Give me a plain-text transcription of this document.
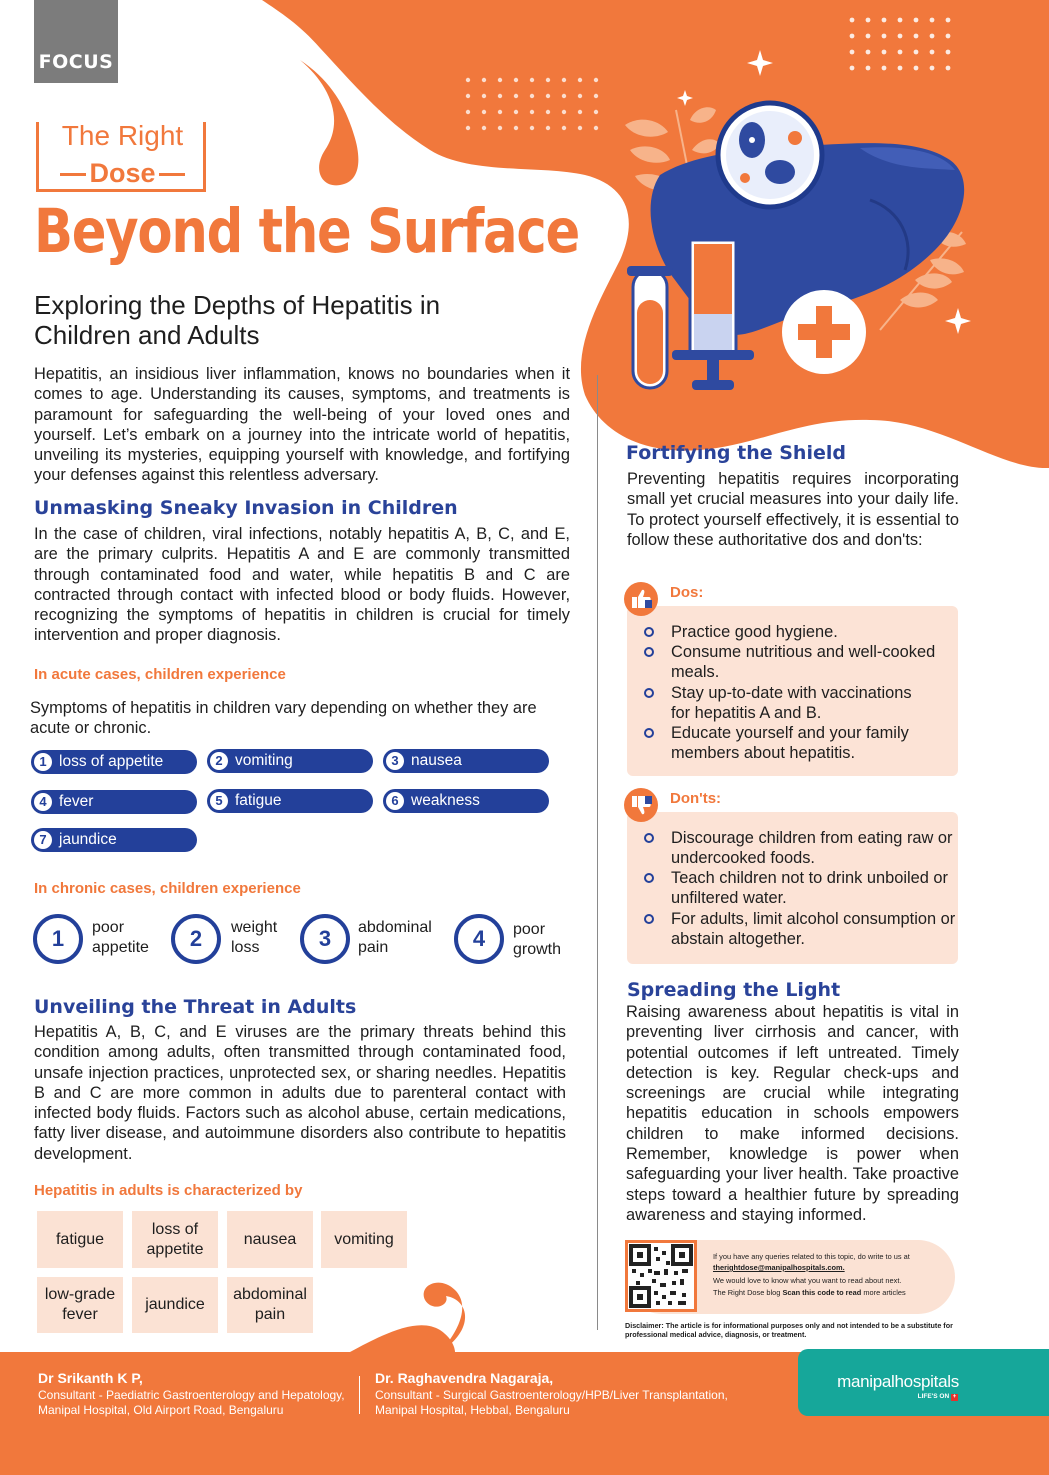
FOCUS
The Right
Dose
Beyond the Surface
Exploring the Depths of Hepatitis in Children and Adults
Hepatitis, an insidious liver inflammation, knows no boundaries when it comes to age. Understanding its causes, symptoms, and treatments is paramount for safeguarding the well-being of your loved ones and yourself. Let’s embark on a journey into the intricate world of hepatitis, unveiling its mysteries, equipping yourself with knowledge, and fortifying your defenses against this relentless adversary.
Unmasking Sneaky Invasion in Children
In the case of children, viral infections, notably hepatitis A, B, C, and E, are the primary culprits. Hepatitis A and E are commonly transmitted through contaminated food and water, while hepatitis B and C are contracted through contact with infected blood or body fluids. However, recognizing the symptoms of hepatitis in children is crucial for timely intervention and proper diagnosis.
In acute cases, children experience
Symptoms of hepatitis in children vary depending on whether they are acute or chronic.
1 loss of appetite	2 vomiting	3 nausea
4 fever	5 fatigue	6 weakness
7 jaundice
In chronic cases, children experience
1	poor
appetite	2	weight
loss	3	abdominal
pain	4	poor
growth
Unveiling the Threat in Adults
Hepatitis A, B, C, and E viruses are the primary threats behind this condition among adults, often transmitted through contaminated food, unsafe injection practices, unprotected sex, or sharing needles. Hepatitis B and C are more common in adults due to parenteral contact with infected body fluids. Factors such as alcohol abuse, certain medications, fatty liver disease, and autoimmune disorders also contribute to hepatitis development.
Hepatitis in adults is characterized by
fatigue
loss of
appetite
nausea vomiting
low-grade
fever
jaundice
abdominal
pain
Fortifying the Shield
Preventing hepatitis requires incorporating small yet crucial measures into your daily life. To protect yourself effectively, it is essential to follow these authoritative dos and don'ts:
Dos:
Practice good hygiene.
Consume nutritious and well-cooked meals.
Stay up-to-date with vaccinations for hepatitis A and B.
Educate yourself and your family members about hepatitis.
Don'ts:
Discourage children from eating raw or undercooked foods.
Teach children not to drink unboiled or unfiltered water.
For adults, limit alcohol consumption or abstain altogether.
Spreading the Light
Raising awareness about hepatitis is vital in preventing liver cirrhosis and cancer, with potential outcomes if left untreated. Timely detection is key. Regular check-ups and screenings are crucial while integrating hepatitis education in schools empowers children to make informed decisions. Remember, knowledge is power when safeguarding your liver health. Take proactive steps toward a healthier future by spreading awareness and staying informed.
If you have any queries related to this topic, do write to us at
therightdose@manipalhospitals.com.
We would love to know what you want to read about next.
The Right Dose blog Scan this code to read more articles
Disclaimer: The article is for informational purposes only and not intended to be a substitute for professional medical advice, diagnosis, or treatment.
Dr Srikanth K P,
Consultant - Paediatric Gastroenterology and Hepatology,
Manipal Hospital, Old Airport Road, Bengaluru
Dr. Raghavendra Nagaraja,
Consultant - Surgical Gastroenterology/HPB/Liver Transplantation,
Manipal Hospital, Hebbal, Bengaluru
manipalhospitals
LIFE'S ON +
